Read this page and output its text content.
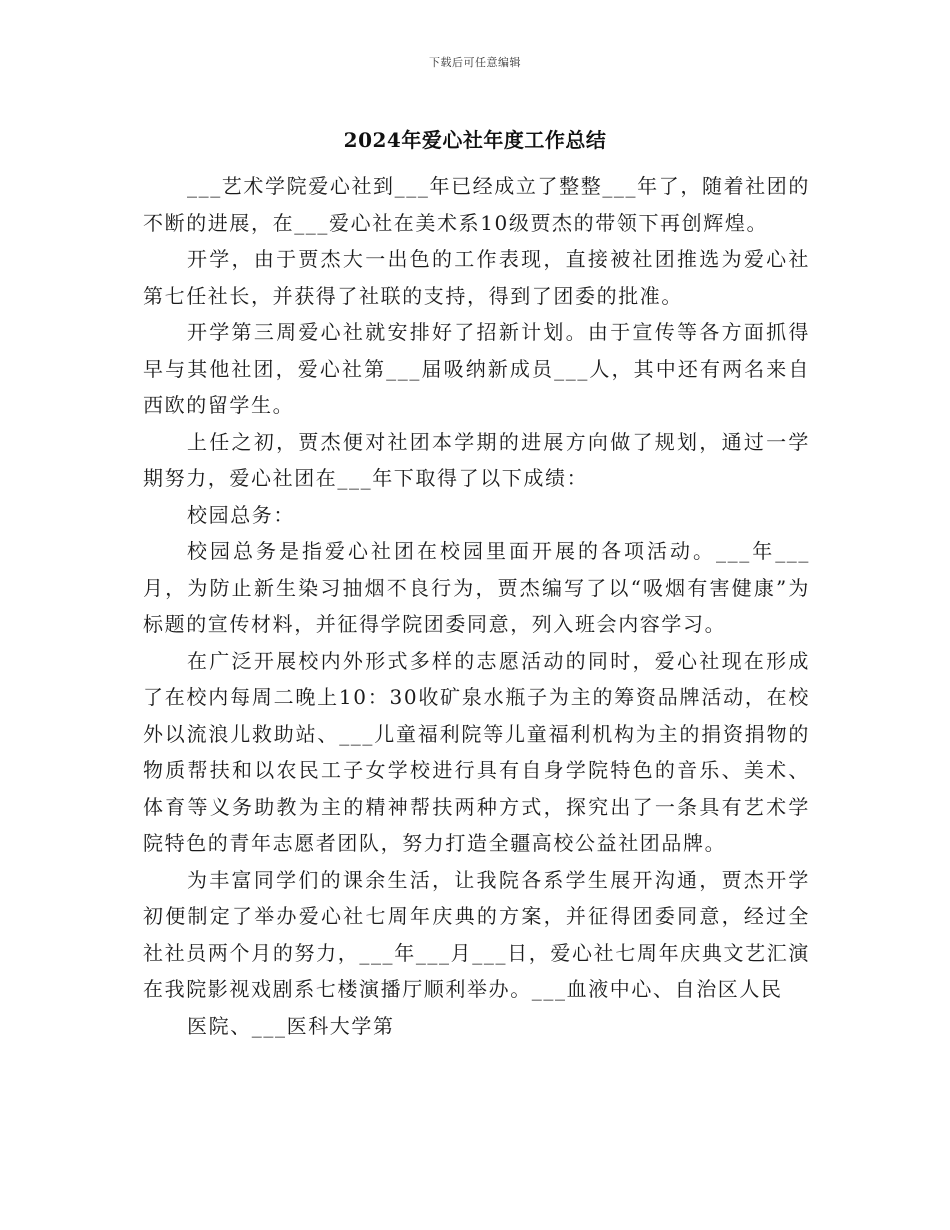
下载后可任意编辑
2024年爱心社年度工作总结

___艺术学院爱心社到___年已经成立了整整___年了，随着社团的不断的进展，在___爱心社在美术系10级贾杰的带领下再创辉煌。

开学，由于贾杰大一出色的工作表现，直接被社团推选为爱心社第七任社长，并获得了社联的支持，得到了团委的批准。

开学第三周爱心社就安排好了招新计划。由于宣传等各方面抓得早与其他社团，爱心社第___届吸纳新成员___人，其中还有两名来自西欧的留学生。

上任之初，贾杰便对社团本学期的进展方向做了规划，通过一学期努力，爱心社团在___年下取得了以下成绩：

校园总务：

校园总务是指爱心社团在校园里面开展的各项活动。___年___月，为防止新生染习抽烟不良行为，贾杰编写了以“吸烟有害健康”为标题的宣传材料，并征得学院团委同意，列入班会内容学习。

在广泛开展校内外形式多样的志愿活动的同时，爱心社现在形成了在校内每周二晚上10：30收矿泉水瓶子为主的筹资品牌活动，在校外以流浪儿救助站、___儿童福利院等儿童福利机构为主的捐资捐物的物质帮扶和以农民工子女学校进行具有自身学院特色的音乐、美术、体育等义务助教为主的精神帮扶两种方式，探究出了一条具有艺术学院特色的青年志愿者团队，努力打造全疆高校公益社团品牌。

为丰富同学们的课余生活，让我院各系学生展开沟通，贾杰开学初便制定了举办爱心社七周年庆典的方案，并征得团委同意，经过全社社员两个月的努力，___年___月___日，爱心社七周年庆典文艺汇演在我院影视戏剧系七楼演播厅顺利举办。___血液中心、自治区人民

医院、___医科大学第
